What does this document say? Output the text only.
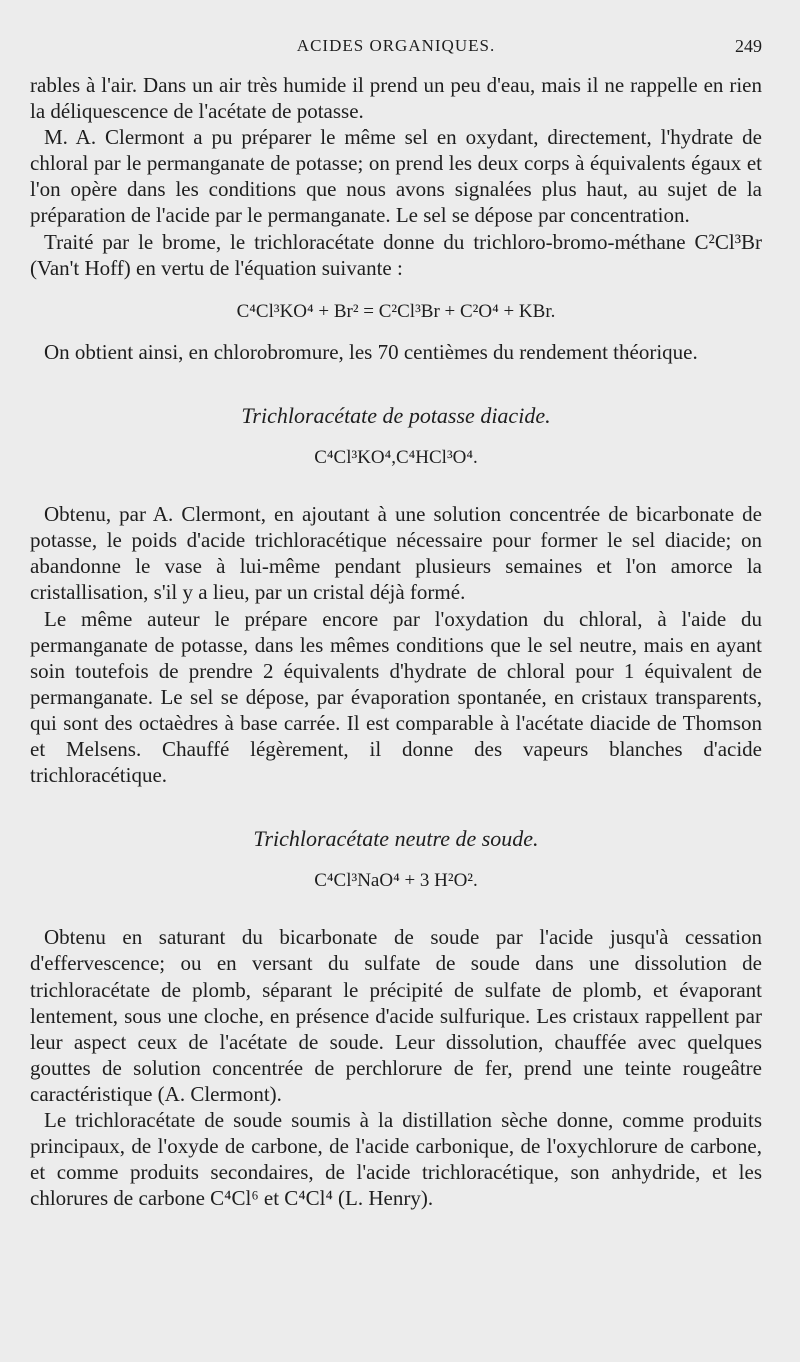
ACIDES ORGANIQUES.	249

rables à l'air. Dans un air très humide il prend un peu d'eau, mais il ne rappelle en rien la déliquescence de l'acétate de potasse.

M. A. Clermont a pu préparer le même sel en oxydant, directement, l'hydrate de chloral par le permanganate de potasse; on prend les deux corps à équivalents égaux et l'on opère dans les conditions que nous avons signalées plus haut, au sujet de la préparation de l'acide par le permanganate. Le sel se dépose par concentration.

Traité par le brome, le trichloracétate donne du trichloro-bromo-méthane C²Cl³Br (Van't Hoff) en vertu de l'équation suivante :

C⁴Cl³KO⁴ + Br² = C²Cl³Br + C²O⁴ + KBr.

On obtient ainsi, en chlorobromure, les 70 centièmes du rendement théorique.

Trichloracétate de potasse diacide.
C⁴Cl³KO⁴,C⁴HCl³O⁴.

Obtenu, par A. Clermont, en ajoutant à une solution concentrée de bicarbonate de potasse, le poids d'acide trichloracétique nécessaire pour former le sel diacide; on abandonne le vase à lui-même pendant plusieurs semaines et l'on amorce la cristallisation, s'il y a lieu, par un cristal déjà formé.

Le même auteur le prépare encore par l'oxydation du chloral, à l'aide du permanganate de potasse, dans les mêmes conditions que le sel neutre, mais en ayant soin toutefois de prendre 2 équivalents d'hydrate de chloral pour 1 équivalent de permanganate. Le sel se dépose, par évaporation spontanée, en cristaux transparents, qui sont des octaèdres à base carrée. Il est comparable à l'acétate diacide de Thomson et Melsens. Chauffé légèrement, il donne des vapeurs blanches d'acide trichloracétique.

Trichloracétate neutre de soude.
C⁴Cl³NaO⁴ + 3 H²O².

Obtenu en saturant du bicarbonate de soude par l'acide jusqu'à cessation d'effervescence; ou en versant du sulfate de soude dans une dissolution de trichloracétate de plomb, séparant le précipité de sulfate de plomb, et évaporant lentement, sous une cloche, en présence d'acide sulfurique. Les cristaux rappellent par leur aspect ceux de l'acétate de soude. Leur dissolution, chauffée avec quelques gouttes de solution concentrée de perchlorure de fer, prend une teinte rougeâtre caractéristique (A. Clermont).

Le trichloracétate de soude soumis à la distillation sèche donne, comme produits principaux, de l'oxyde de carbone, de l'acide carbonique, de l'oxychlorure de carbone, et comme produits secondaires, de l'acide trichloracétique, son anhydride, et les chlorures de carbone C⁴Cl⁶ et C⁴Cl⁴ (L. Henry).
